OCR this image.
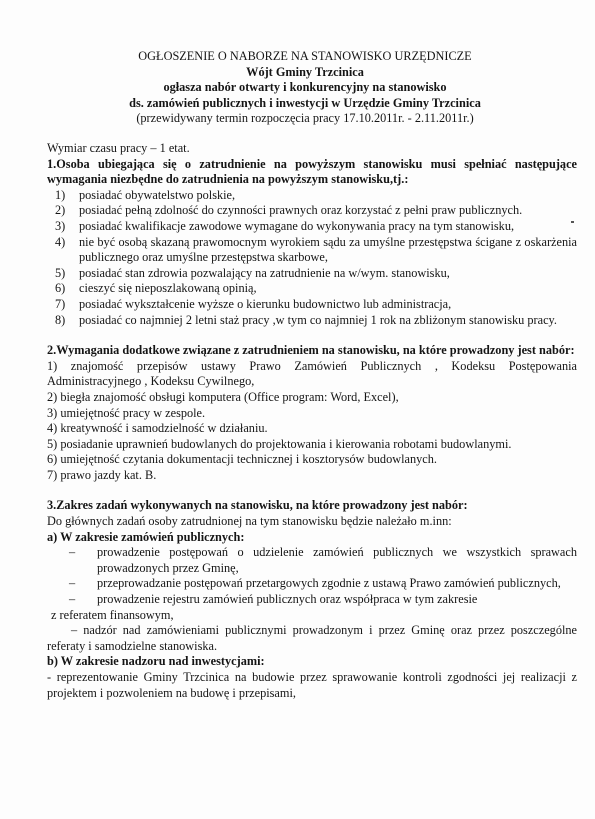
OGŁOSZENIE O NABORZE NA STANOWISKO URZĘDNICZE
Wójt Gminy Trzcinica
ogłasza nabór otwarty i konkurencyjny na stanowisko
ds. zamówień publicznych i inwestycji w Urzędzie Gminy Trzcinica
(przewidywany termin rozpoczęcia pracy 17.10.2011r. - 2.11.2011r.)

Wymiar czasu pracy – 1 etat.

1.Osoba ubiegająca się o zatrudnienie na powyższym stanowisku musi spełniać następujące wymagania niezbędne do zatrudnienia na powyższym stanowisku,tj.:

1) posiadać obywatelstwo polskie,
2) posiadać pełną zdolność do czynności prawnych oraz korzystać z pełni praw publicznych.
3) posiadać kwalifikacje zawodowe wymagane do wykonywania pracy na tym stanowisku,
4) nie być osobą skazaną prawomocnym wyrokiem sądu za umyślne przestępstwa ścigane z oskarżenia publicznego oraz umyślne przestępstwa skarbowe,
5) posiadać stan zdrowia pozwalający na zatrudnienie na w/wym. stanowisku,
6) cieszyć się nieposzlakowaną opinią,
7) posiadać wykształcenie wyższe o kierunku budownictwo lub administracja,
8) posiadać co najmniej 2 letni staż pracy ,w tym co najmniej 1 rok na zbliżonym stanowisku pracy.

2.Wymagania dodatkowe związane z zatrudnieniem na stanowisku, na które prowadzony jest nabór:

1) znajomość przepisów ustawy Prawo Zamówień Publicznych , Kodeksu Postępowania Administracyjnego , Kodeksu Cywilnego,

2) biegła znajomość obsługi komputera (Office program: Word, Excel),

3) umiejętność pracy w zespole.

4) kreatywność i samodzielność w działaniu.

5) posiadanie uprawnień budowlanych do projektowania i kierowania robotami budowlanymi.

6) umiejętność czytania dokumentacji technicznej i kosztorysów budowlanych.

7) prawo jazdy kat. B.

3.Zakres zadań wykonywanych na stanowisku, na które prowadzony jest nabór:

Do głównych zadań osoby zatrudnionej na tym stanowisku będzie należało m.inn:

a) W zakresie zamówień publicznych:

– prowadzenie postępowań o udzielenie zamówień publicznych we wszystkich sprawach prowadzonych przez Gminę,
– przeprowadzanie postępowań przetargowych zgodnie z ustawą Prawo zamówień publicznych,
– prowadzenie rejestru zamówień publicznych oraz współpraca w tym zakresie

z referatem finansowym,

– nadzór nad zamówieniami publicznymi prowadzonym i przez Gminę oraz przez poszczególne referaty i samodzielne stanowiska.

b) W zakresie nadzoru nad inwestycjami:

- reprezentowanie Gminy Trzcinica na budowie przez sprawowanie kontroli zgodności jej realizacji z projektem i pozwoleniem na budowę i przepisami,
